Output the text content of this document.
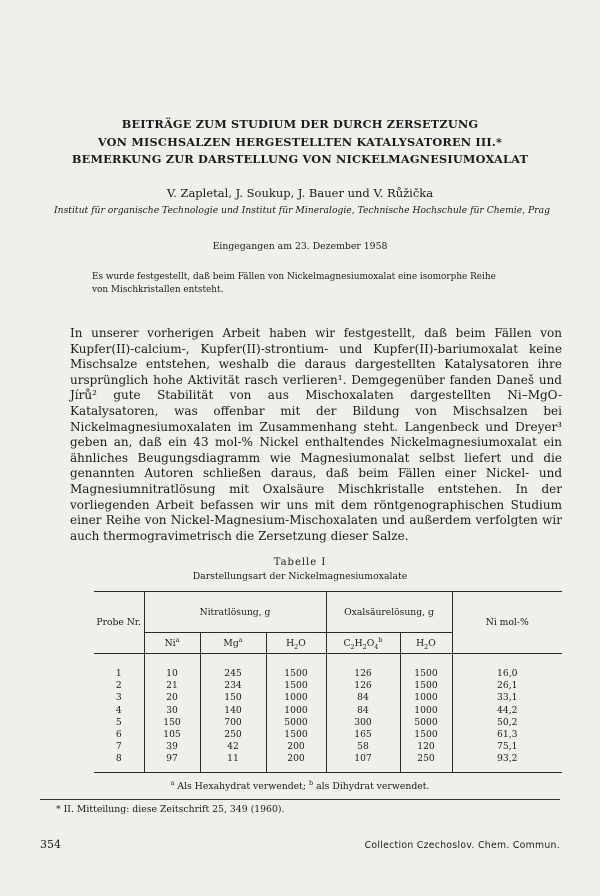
BEITRÄGE ZUM STUDIUM DER DURCH ZERSETZUNG
VON MISCHSALZEN HERGESTELLTEN KATALYSATOREN III.*
BEMERKUNG ZUR DARSTELLUNG VON NICKELMAGNESIUMOXALAT
V. Zapletal, J. Soukup, J. Bauer und V. Růžička
Institut für organische Technologie und Institut für Mineralogie, Technische Hochschule für Chemie, Prag
Eingegangen am 23. Dezember 1958
Es wurde festgestellt, daß beim Fällen von Nickelmagnesiumoxalat eine isomorphe Reihe von Mischkristallen entsteht.

In unserer vorherigen Arbeit haben wir festgestellt, daß beim Fällen von Kupfer(II)-calcium-, Kupfer(II)-strontium- und Kupfer(II)-bariumoxalat keine Mischsalze entstehen, weshalb die daraus dargestellten Katalysatoren ihre ursprünglich hohe Aktivität rasch verlieren¹. Demgegenüber fanden Daneš und Jírů² gute Stabilität von aus Mischoxalaten dargestellten Ni–MgO-Katalysatoren, was offenbar mit der Bildung von Mischsalzen bei Nickelmagnesiumoxalaten im Zusammenhang steht. Langenbeck und Dreyer³ geben an, daß ein 43 mol-% Nickel enthaltendes Nickelmagnesiumoxalat ein ähnliches Beugungsdiagramm wie Magnesiumonalat selbst liefert und die genannten Autoren schließen daraus, daß beim Fällen einer Nickel- und Magnesiumnitratlösung mit Oxalsäure Mischkristalle entstehen. In der vorliegenden Arbeit befassen wir uns mit dem röntgenographischen Studium einer Reihe von Nickel-Magnesium-Mischoxalaten und außerdem verfolgten wir auch thermogravimetrisch die Zersetzung dieser Salze.

Tabelle I
Darstellungsart der Nickelmagnesiumoxalate
Probe Nr.	Nitratlösung, g			Oxalsäurelösung, g		Ni mol-%
	Ni$^a$	Mg$^a$	$H_2O$	$C_2H_2O_4^b$	$H_2O$	
1	10	245	1500	126	1500	16,0
2	21	234	1500	126	1500	26,1
3	20	150	1000	84	1000	33,1
4	30	140	1000	84	1000	44,2
5	150	700	5000	300	5000	50,2
6	105	250	1500	165	1500	61,3
7	39	42	200	58	120	75,1
8	97	11	200	107	250	93,2
$^a$ Als Hexahydrat verwendet; $^b$ als Dihydrat verwendet.
* II. Mitteilung: diese Zeitschrift 25, 349 (1960).
354	Collection Czechoslov. Chem. Commun.
